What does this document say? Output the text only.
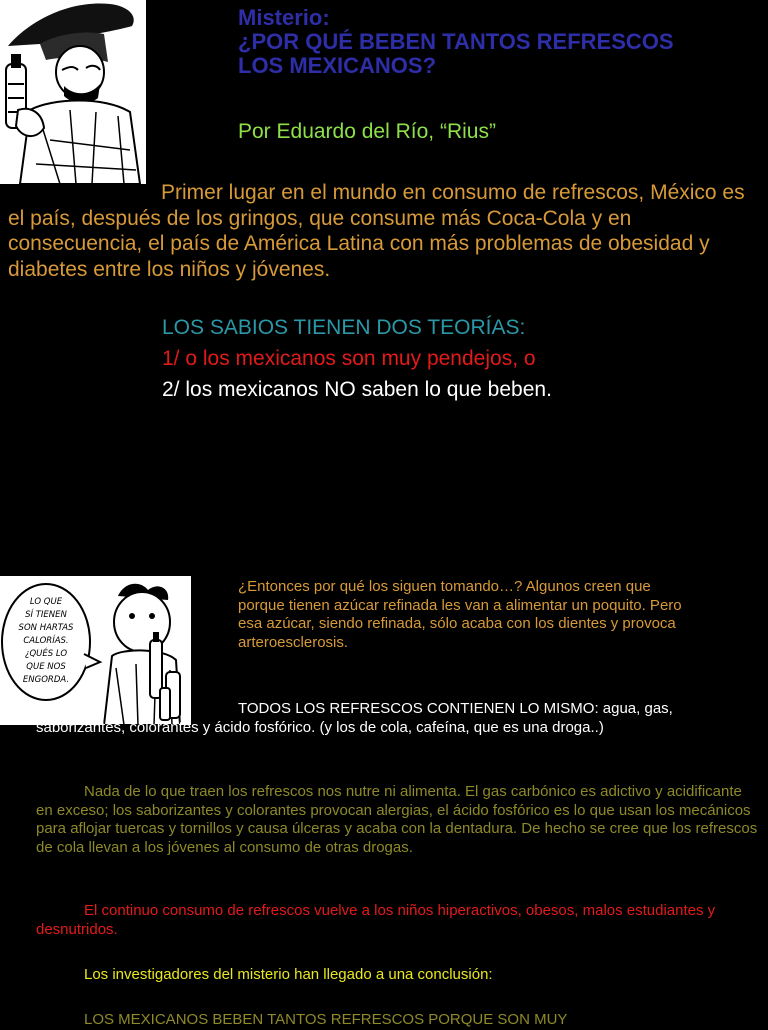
Misterio:
¿POR QUÉ BEBEN TANTOS REFRESCOS
LOS MEXICANOS?
Por Eduardo del Río, “Rius”
Primer lugar en el mundo en consumo de refrescos, México es el país, después de los gringos, que consume más Coca-Cola y en consecuencia, el país de América Latina con más problemas de obesidad y diabetes entre los niños y jóvenes.
LOS SABIOS TIENEN DOS TEORÍAS:
1/ o los mexicanos son muy pendejos, o
2/ los mexicanos NO saben lo que beben.
LO QUE
SÍ TIENEN
SON HARTAS
CALORÍAS.
¿QUÉS LO
QUE NOS
ENGORDA.
¿Entonces por qué los siguen tomando…? Algunos creen que porque tienen azúcar refinada les van a alimentar un poquito. Pero esa azúcar, siendo refinada, sólo acaba con los dientes y provoca arteroesclerosis.
TODOS LOS REFRESCOS CONTIENEN LO MISMO: agua, gas, saborizantes, colorantes y ácido fosfórico. (y los de cola, cafeína, que es una droga..)
Nada de lo que traen los refrescos nos nutre ni alimenta. El gas carbónico es adictivo y acidificante en exceso; los saborizantes y colorantes provocan alergias, el ácido fosfórico es lo que usan los mecánicos para aflojar tuercas y tornillos y causa úlceras y acaba con la dentadura. De hecho se cree que los refrescos de cola llevan a los jóvenes al consumo de otras drogas.
El continuo consumo de refrescos vuelve a los niños hiperactivos, obesos, malos estudiantes y desnutridos.
Los investigadores del misterio han llegado a una conclusión:
LOS MEXICANOS BEBEN TANTOS REFRESCOS PORQUE SON MUY
